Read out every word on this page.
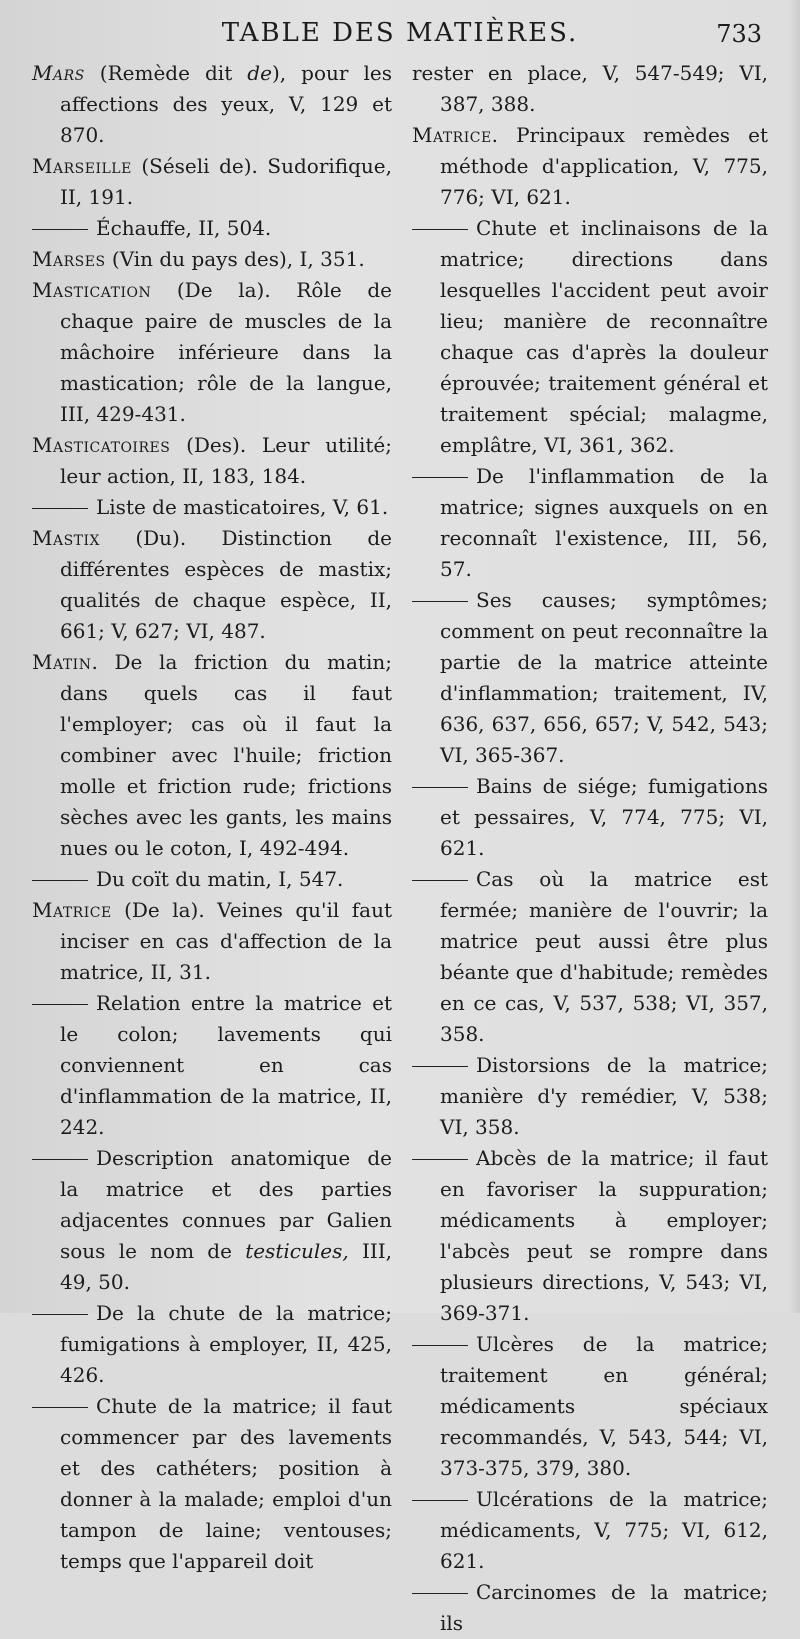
TABLE DES MATIÈRES.	733

Mars (Remède dit de), pour les affections des yeux, V, 129 et 870.

Marseille (Séseli de). Sudorifique, II, 191.

Échauffe, II, 504.

Marses (Vin du pays des), I, 351.

Mastication (De la). Rôle de chaque paire de muscles de la mâchoire inférieure dans la mastication; rôle de la langue, III, 429-431.

Masticatoires (Des). Leur utilité; leur action, II, 183, 184.

Liste de masticatoires, V, 61.

Mastix (Du). Distinction de différentes espèces de mastix; qualités de chaque espèce, II, 661; V, 627; VI, 487.

Matin. De la friction du matin; dans quels cas il faut l'employer; cas où il faut la combiner avec l'huile; friction molle et friction rude; frictions sèches avec les gants, les mains nues ou le coton, I, 492-494.

Du coït du matin, I, 547.

Matrice (De la). Veines qu'il faut inciser en cas d'affection de la matrice, II, 31.

Relation entre la matrice et le colon; lavements qui conviennent en cas d'inflammation de la matrice, II, 242.

Description anatomique de la matrice et des parties adjacentes connues par Galien sous le nom de testicules, III, 49, 50.

De la chute de la matrice; fumigations à employer, II, 425, 426.

Chute de la matrice; il faut commencer par des lavements et des cathéters; position à donner à la malade; emploi d'un tampon de laine; ventouses; temps que l'appareil doit

rester en place, V, 547-549; VI, 387, 388.

Matrice. Principaux remèdes et méthode d'application, V, 775, 776; VI, 621.

Chute et inclinaisons de la matrice; directions dans lesquelles l'accident peut avoir lieu; manière de reconnaître chaque cas d'après la douleur éprouvée; traitement général et traitement spécial; malagme, emplâtre, VI, 361, 362.

De l'inflammation de la matrice; signes auxquels on en reconnaît l'existence, III, 56, 57.

Ses causes; symptômes; comment on peut reconnaître la partie de la matrice atteinte d'inflammation; traitement, IV, 636, 637, 656, 657; V, 542, 543; VI, 365-367.

Bains de siége; fumigations et pessaires, V, 774, 775; VI, 621.

Cas où la matrice est fermée; manière de l'ouvrir; la matrice peut aussi être plus béante que d'habitude; remèdes en ce cas, V, 537, 538; VI, 357, 358.

Distorsions de la matrice; manière d'y remédier, V, 538; VI, 358.

Abcès de la matrice; il faut en favoriser la suppuration; médicaments à employer; l'abcès peut se rompre dans plusieurs directions, V, 543; VI, 369-371.

Ulcères de la matrice; traitement en général; médicaments spéciaux recommandés, V, 543, 544; VI, 373-375, 379, 380.

Ulcérations de la matrice; médicaments, V, 775; VI, 612, 621.

Carcinomes de la matrice; ils
